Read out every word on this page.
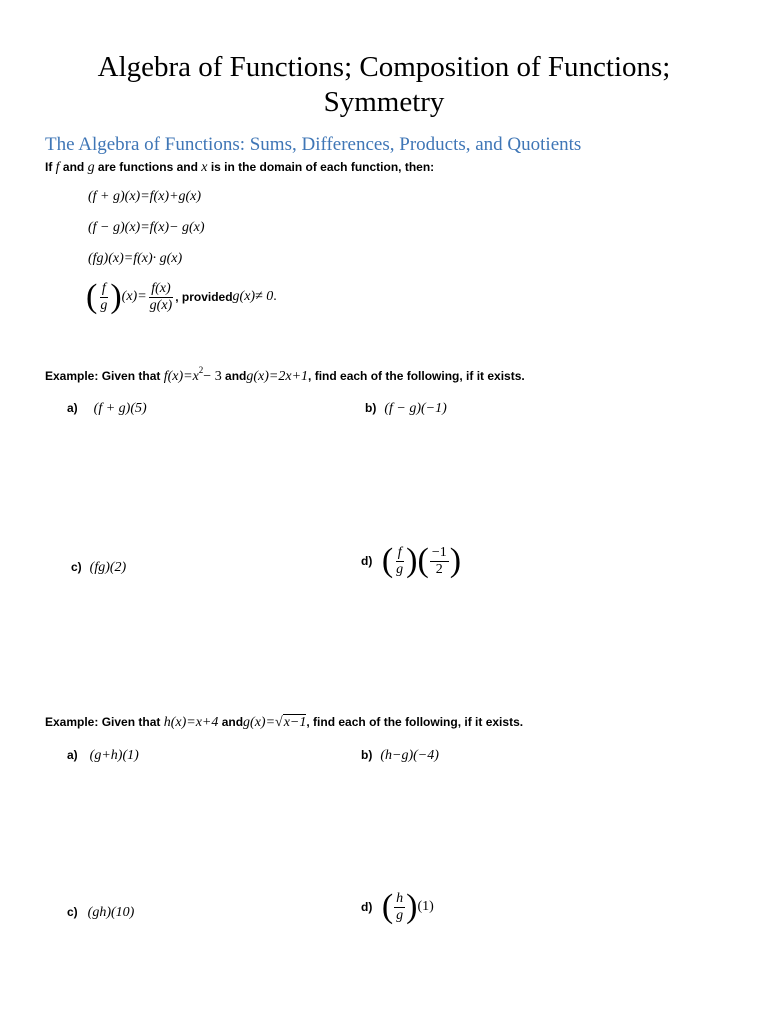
Algebra of Functions; Composition of Functions;
Symmetry
The Algebra of Functions: Sums, Differences, Products, and Quotients
If f and g are functions and x is in the domain of each function, then:
(f + g)(x)=f(x)+g(x)
(f − g)(x)=f(x)− g(x)
(fg)(x)=f(x)· g(x)
( $\frac{f}{g} )(x)= \frac{f(x)}{g(x)}$ , providedg(x)≠ 0.
Example: Given that $f(x)=x^2- 3$ andg(x)=2x+1, find each of the following, if it exists.
a) (f + g)(5)	b) (f − g)(−1)
c) (fg)(2)	d) ( $\frac{f}{g}$ )( $\frac{-1}{2}$ )
Example: Given that h(x)=x+4 andg(x)=√x−1, find each of the following, if it exists.
a) (g+h)(1)	b) (h−g)(−4)
c) (gh)(10)	d) ( $\frac{h}{g} )(1)$
